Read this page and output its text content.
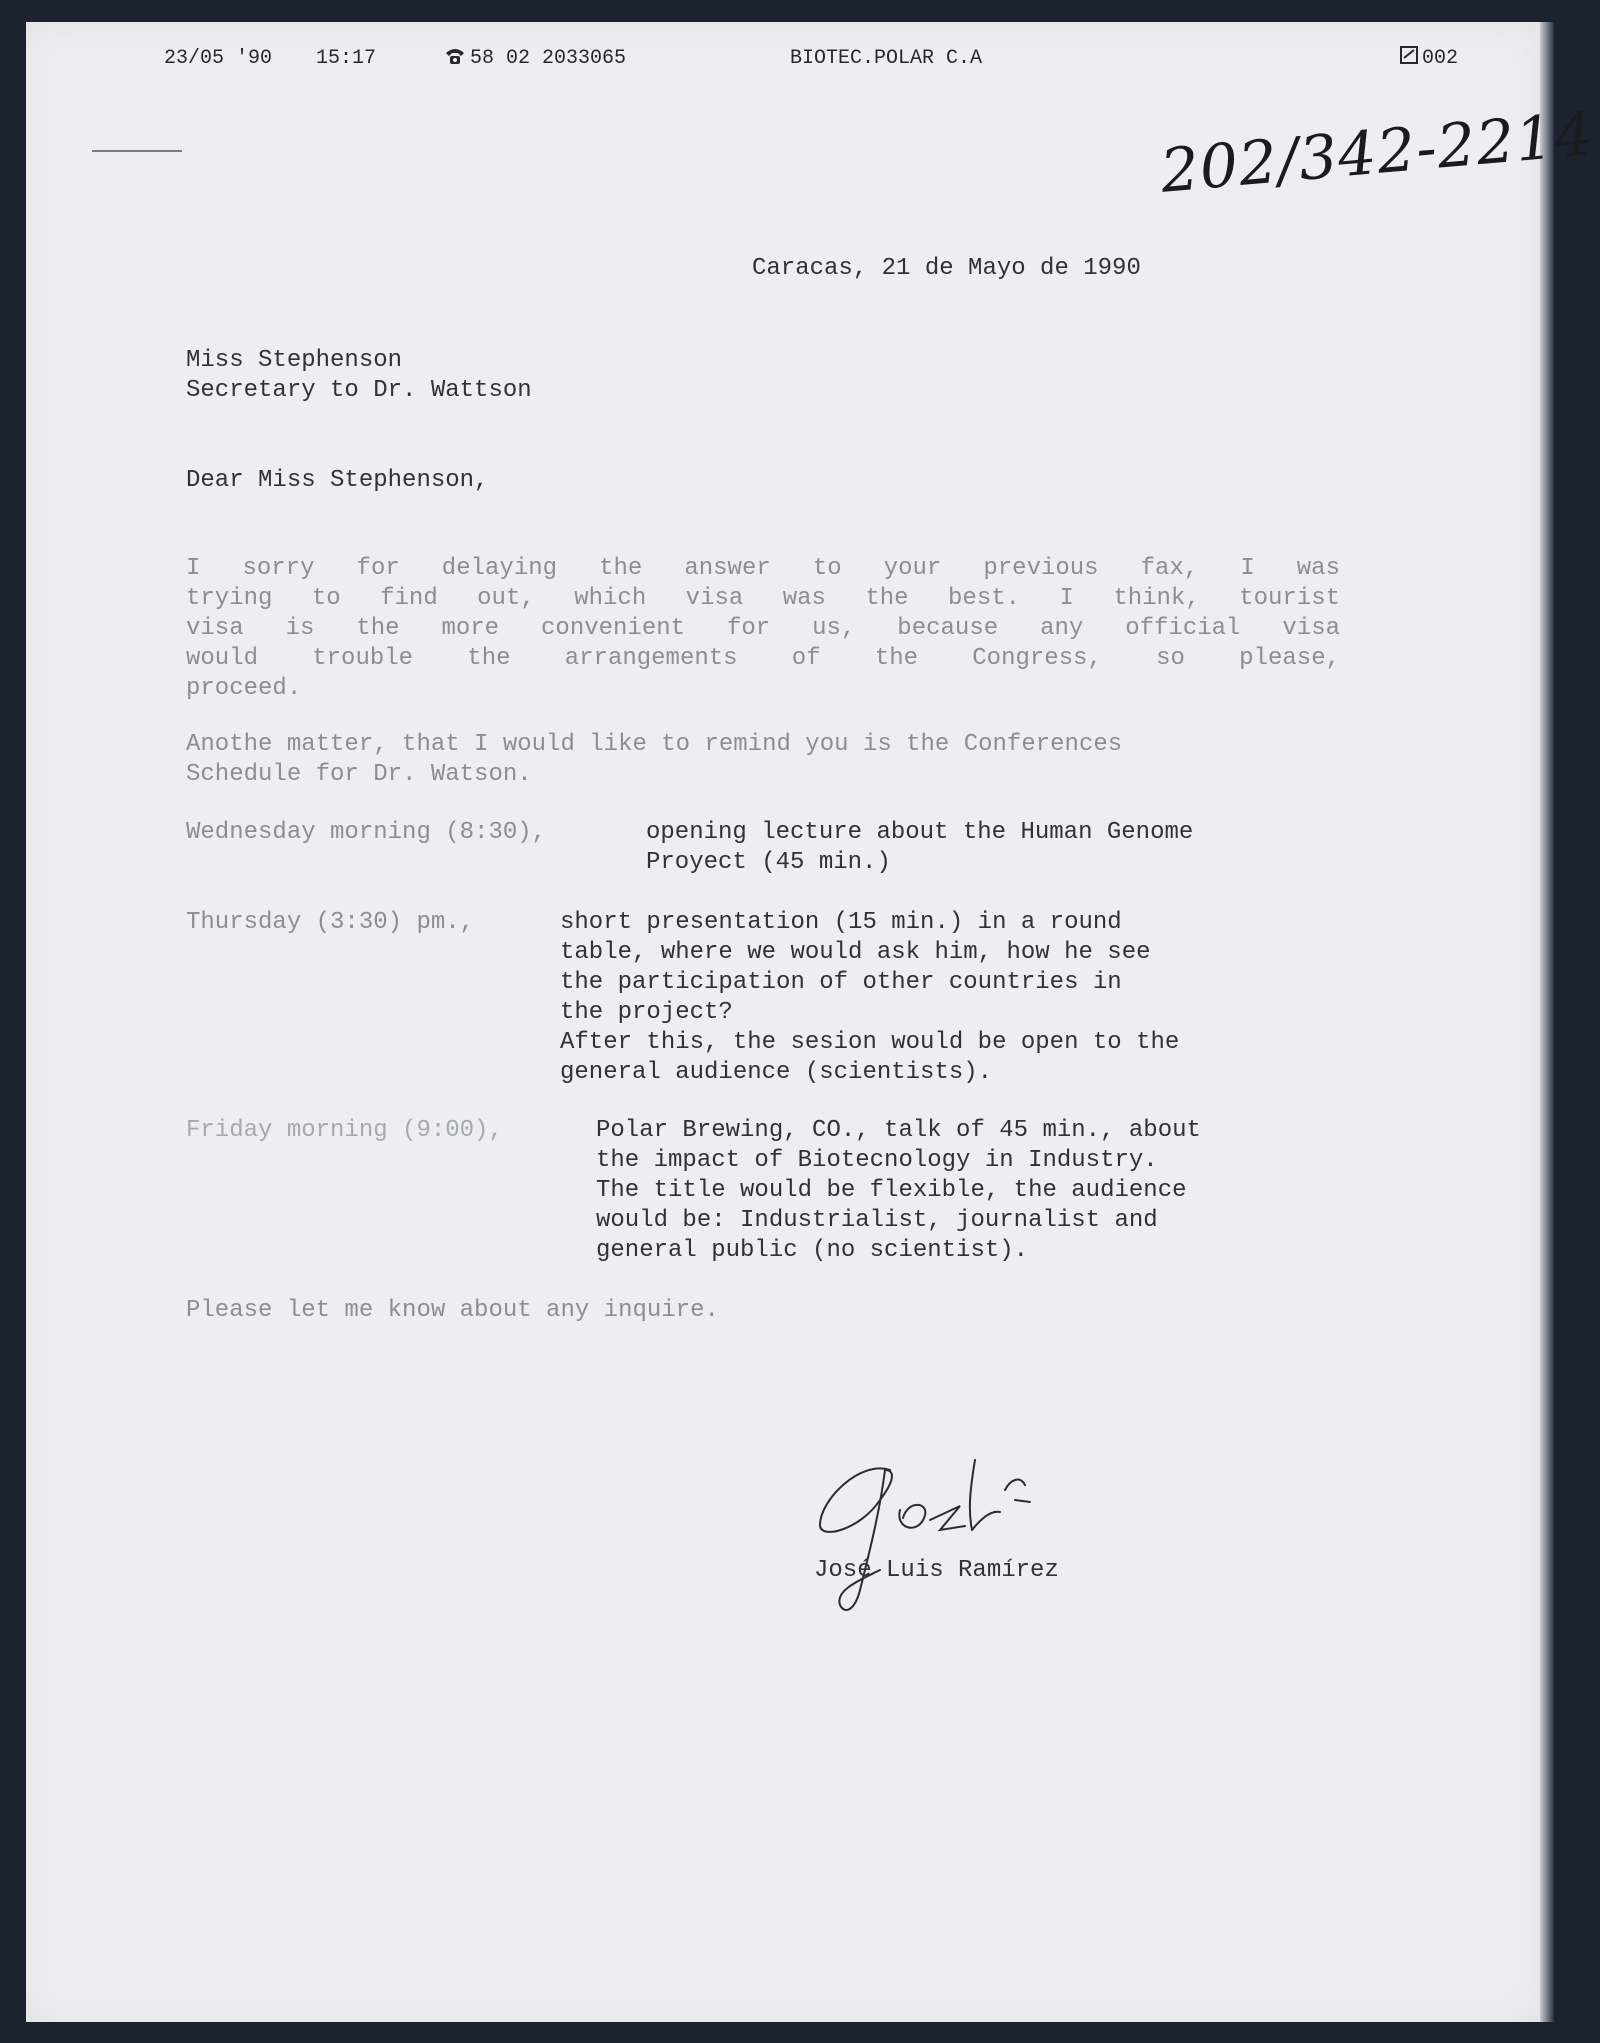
23/05 '90 15:17	58 02 2033065	BIOTEC.POLAR C.A	002
202/342-2214
Caracas, 21 de Mayo de 1990
Miss Stephenson
Secretary to Dr. Wattson
Dear Miss Stephenson,
I sorry for delaying the answer to your previous fax, I was
trying to find out, which visa was the best. I think, tourist
visa is the more convenient for us, because any official visa
would trouble the arrangements of the Congress, so please,
proceed.
Anothe matter, that I would like to remind you is the Conferences
Schedule for Dr. Watson.
Wednesday morning (8:30),	opening lecture about the Human Genome
Proyect (45 min.)
Thursday (3:30) pm.,	short presentation (15 min.) in a round
table, where we would ask him, how he see
the participation of other countries in
the project?
After this, the sesion would be open to the
general audience (scientists).
Friday morning (9:00),	Polar Brewing, CO., talk of 45 min., about
the impact of Biotecnology in Industry.
The title would be flexible, the audience
would be: Industrialist, journalist and
general public (no scientist).
Please let me know about any inquire.
José Luis Ramírez
